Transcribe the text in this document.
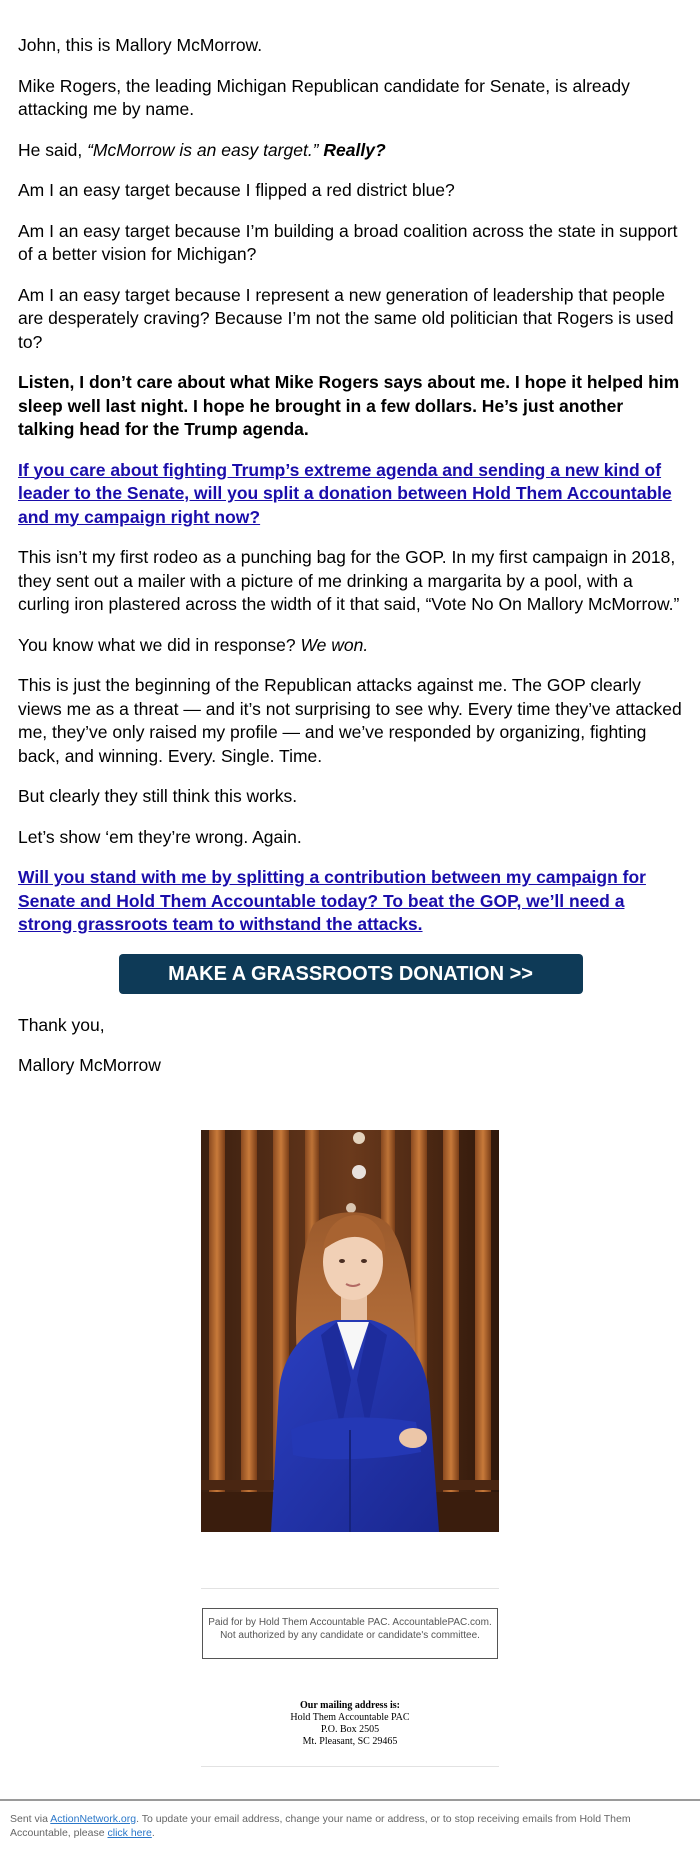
John, this is Mallory McMorrow.

Mike Rogers, the leading Michigan Republican candidate for Senate, is already attacking me by name.

He said, “McMorrow is an easy target.” Really?

Am I an easy target because I flipped a red district blue?

Am I an easy target because I’m building a broad coalition across the state in support of a better vision for Michigan?

Am I an easy target because I represent a new generation of leadership that people are desperately craving? Because I’m not the same old politician that Rogers is used to?

Listen, I don’t care about what Mike Rogers says about me. I hope it helped him sleep well last night. I hope he brought in a few dollars. He’s just another talking head for the Trump agenda.

If you care about fighting Trump’s extreme agenda and sending a new kind of leader to the Senate, will you split a donation between Hold Them Accountable and my campaign right now?

This isn’t my first rodeo as a punching bag for the GOP. In my first campaign in 2018, they sent out a mailer with a picture of me drinking a margarita by a pool, with a curling iron plastered across the width of it that said, “Vote No On Mallory McMorrow.”

You know what we did in response? We won.

This is just the beginning of the Republican attacks against me. The GOP clearly views me as a threat — and it’s not surprising to see why. Every time they’ve attacked me, they’ve only raised my profile — and we’ve responded by organizing, fighting back, and winning. Every. Single. Time.

But clearly they still think this works.

Let’s show ‘em they’re wrong. Again.

Will you stand with me by splitting a contribution between my campaign for Senate and Hold Them Accountable today? To beat the GOP, we’ll need a strong grassroots team to withstand the attacks.

MAKE A GRASSROOTS DONATION >>

Thank you,

Mallory McMorrow

Paid for by Hold Them Accountable PAC. AccountablePAC.com. Not authorized by any candidate or candidate's committee.
Our mailing address is:
Hold Them Accountable PAC
P.O. Box 2505
Mt. Pleasant, SC 29465
Sent via ActionNetwork.org. To update your email address, change your name or address, or to stop receiving emails from Hold Them Accountable, please click here.
